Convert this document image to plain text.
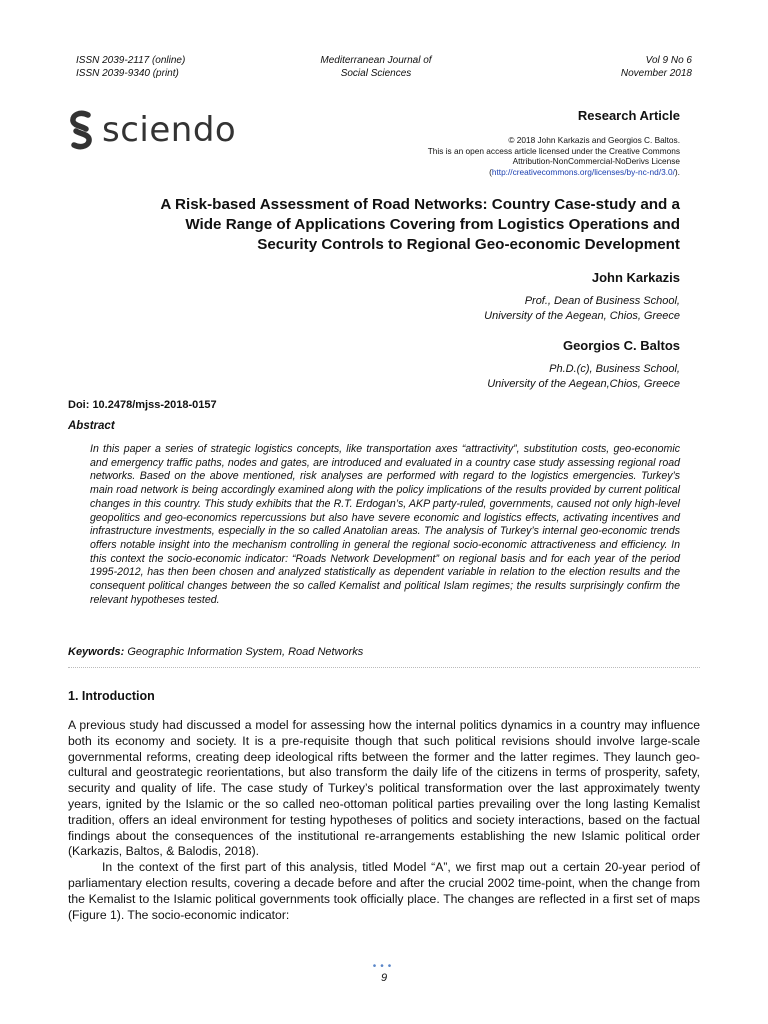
ISSN 2039-2117 (online)
ISSN 2039-9340 (print)
Mediterranean Journal of
Social Sciences
Vol 9 No 6
November 2018
sciendo	Research Article
© 2018 John Karkazis and Georgios C. Baltos.
This is an open access article licensed under the Creative Commons
Attribution-NonCommercial-NoDerivs License
(http://creativecommons.org/licenses/by-nc-nd/3.0/).
A Risk-based Assessment of Road Networks: Country Case-study and a
Wide Range of Applications Covering from Logistics Operations and
Security Controls to Regional Geo-economic Development
John Karkazis
Prof., Dean of Business School,
University of the Aegean, Chios, Greece
Georgios C. Baltos
Ph.D.(c), Business School,
University of the Aegean,Chios, Greece
Doi: 10.2478/mjss-2018-0157
Abstract
In this paper a series of strategic logistics concepts, like transportation axes “attractivity”, substitution costs, geo-economic and emergency traffic paths, nodes and gates, are introduced and evaluated in a country case study assessing regional road networks. Based on the above mentioned, risk analyses are performed with regard to the logistics emergencies. Turkey’s main road network is being accordingly examined along with the policy implications of the results provided by current political changes in this country. This study exhibits that the R.T. Erdogan’s, AKP party-ruled, governments, caused not only high-level geopolitics and geo-economics repercussions but also have severe economic and logistics effects, activating incentives and infrastructure investments, especially in the so called Anatolian areas. The analysis of Turkey’s internal geo-economic trends offers notable insight into the mechanism controlling in general the regional socio-economic attractiveness and efficiency. In this context the socio-economic indicator: “Roads Network Development” on regional basis and for each year of the period 1995-2012, has then been chosen and analyzed statistically as dependent variable in relation to the election results and the consequent political changes between the so called Kemalist and political Islam regimes; the results surprisingly confirm the relevant hypotheses tested.
Keywords: Geographic Information System, Road Networks
1. Introduction

A previous study had discussed a model for assessing how the internal politics dynamics in a country may influence both its economy and society. It is a pre-requisite though that such political revisions should involve large-scale governmental reforms, creating deep ideological rifts between the former and the latter regimes. They launch geo-cultural and geostrategic reorientations, but also transform the daily life of the citizens in terms of prosperity, safety, security and quality of life. The case study of Turkey’s political transformation over the last approximately twenty years, ignited by the Islamic or the so called neo-ottoman political parties prevailing over the long lasting Kemalist tradition, offers an ideal environment for testing hypotheses of politics and society interactions, based on the factual findings about the consequences of the institutional re-arrangements establishing the new Islamic political order (Karkazis, Baltos, & Balodis, 2018).

In the context of the first part of this analysis, titled Model “A”, we first map out a certain 20-year period of parliamentary election results, covering a decade before and after the crucial 2002 time-point, when the change from the Kemalist to the Islamic political governments took officially place. The changes are reflected in a first set of maps (Figure 1). The socio-economic indicator:

•••
9
